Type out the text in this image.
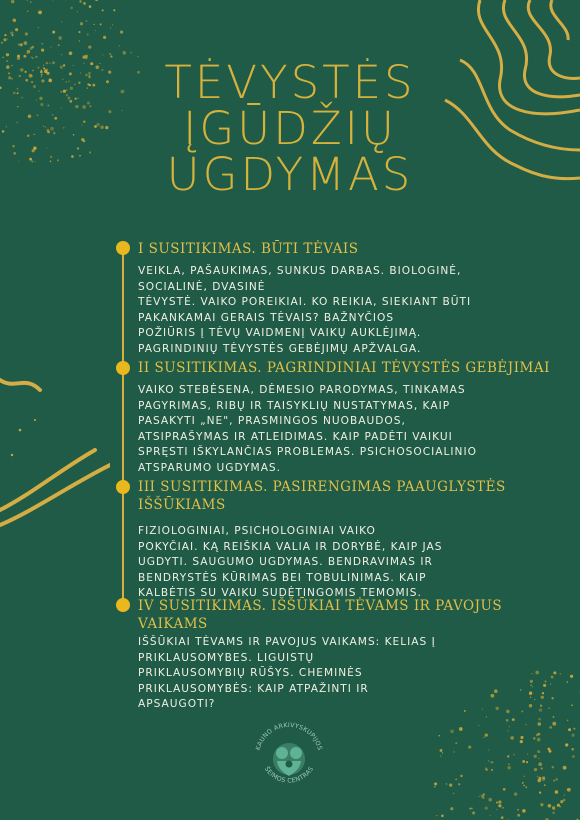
TĖVYSTĖS
ĮGŪDŽIŲ
UGDYMAS
I SUSITIKIMAS. BŪTI TĖVAIS
VEIKLA, PAŠAUKIMAS, SUNKUS DARBAS. BIOLOGINĖ,
SOCIALINĖ, DVASINĖ
TĖVYSTĖ. VAIKO POREIKIAI. KO REIKIA, SIEKIANT BŪTI
PAKANKAMAI GERAIS TĖVAIS? BAŽNYČIOS
POŽIŪRIS Į TĖVŲ VAIDMENĮ VAIKŲ AUKLĖJIMĄ.
PAGRINDINIŲ TĖVYSTĖS GEBĖJIMŲ APŽVALGA.
II SUSITIKIMAS. PAGRINDINIAI TĖVYSTĖS GEBĖJIMAI
VAIKO STEBĖSENA, DĖMESIO PARODYMAS, TINKAMAS
PAGYRIMAS, RIBŲ IR TAISYKLIŲ NUSTATYMAS, KAIP
PASAKYTI „NE", PRASMINGOS NUOBAUDOS,
ATSIPRAŠYMAS IR ATLEIDIMAS. KAIP PADĖTI VAIKUI
SPRĘSTI IŠKYLANČIAS PROBLEMAS. PSICHOSOCIALINIO
ATSPARUMO UGDYMAS.
III SUSITIKIMAS. PASIRENGIMAS PAAUGLYSTĖS
IŠŠŪKIAMS
FIZIOLOGINIAI, PSICHOLOGINIAI VAIKO
POKYČIAI. KĄ REIŠKIA VALIA IR DORYBĖ, KAIP JAS
UGDYTI. SAUGUMO UGDYMAS. BENDRAVIMAS IR
BENDRYSTĖS KŪRIMAS BEI TOBULINIMAS. KAIP
KALBĖTIS SU VAIKU SUDĖTINGOMIS TEMOMIS.
IV SUSITIKIMAS. IŠŠŪKIAI TĖVAMS IR PAVOJUS
VAIKAMS
IŠŠŪKIAI TĖVAMS IR PAVOJUS VAIKAMS: KELIAS Į
PRIKLAUSOMYBES. LIGUISTŲ
PRIKLAUSOMYBIŲ RŪŠYS. CHEMINĖS
PRIKLAUSOMYBĖS: KAIP ATPAŽINTI IR
APSAUGOTI?
KAUNO ARKIVYSKUPIJOS
ŠEIMOS CENTRAS
